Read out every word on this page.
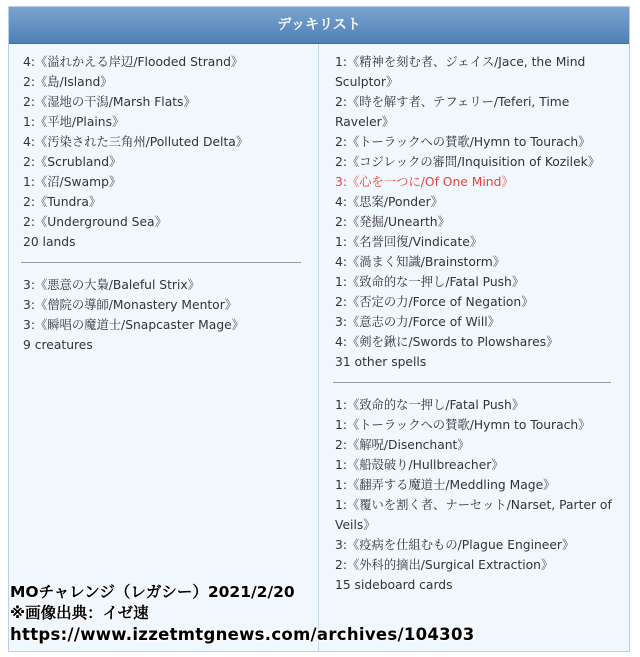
デッキリスト
4:《溢れかえる岸辺/Flooded Strand》
2:《島/Island》
2:《湿地の干潟/Marsh Flats》
1:《平地/Plains》
4:《汚染された三角州/Polluted Delta》
2:《Scrubland》
1:《沼/Swamp》
2:《Tundra》
2:《Underground Sea》
20 lands
3:《悪意の大梟/Baleful Strix》
3:《僧院の導師/Monastery Mentor》
3:《瞬唱の魔道士/Snapcaster Mage》
9 creatures
1:《精神を刻む者、ジェイス/Jace, the Mind Sculptor》
2:《時を解す者、テフェリー/Teferi, Time Raveler》
2:《トーラックへの賛歌/Hymn to Tourach》
2:《コジレックの審問/Inquisition of Kozilek》
3:《心を一つに/Of One Mind》
4:《思案/Ponder》
2:《発掘/Unearth》
1:《名誉回復/Vindicate》
4:《渦まく知識/Brainstorm》
1:《致命的な一押し/Fatal Push》
2:《否定の力/Force of Negation》
3:《意志の力/Force of Will》
4:《剣を鍬に/Swords to Plowshares》
31 other spells
1:《致命的な一押し/Fatal Push》
1:《トーラックへの賛歌/Hymn to Tourach》
2:《解呪/Disenchant》
1:《船殻破り/Hullbreacher》
1:《翻弄する魔道士/Meddling Mage》
1:《覆いを割く者、ナーセット/Narset, Parter of Veils》
3:《疫病を仕組むもの/Plague Engineer》
2:《外科的摘出/Surgical Extraction》
15 sideboard cards
MOチャレンジ（レガシー）2021/2/20
※画像出典：イゼ速
https://www.izzetmtgnews.com/archives/104303
